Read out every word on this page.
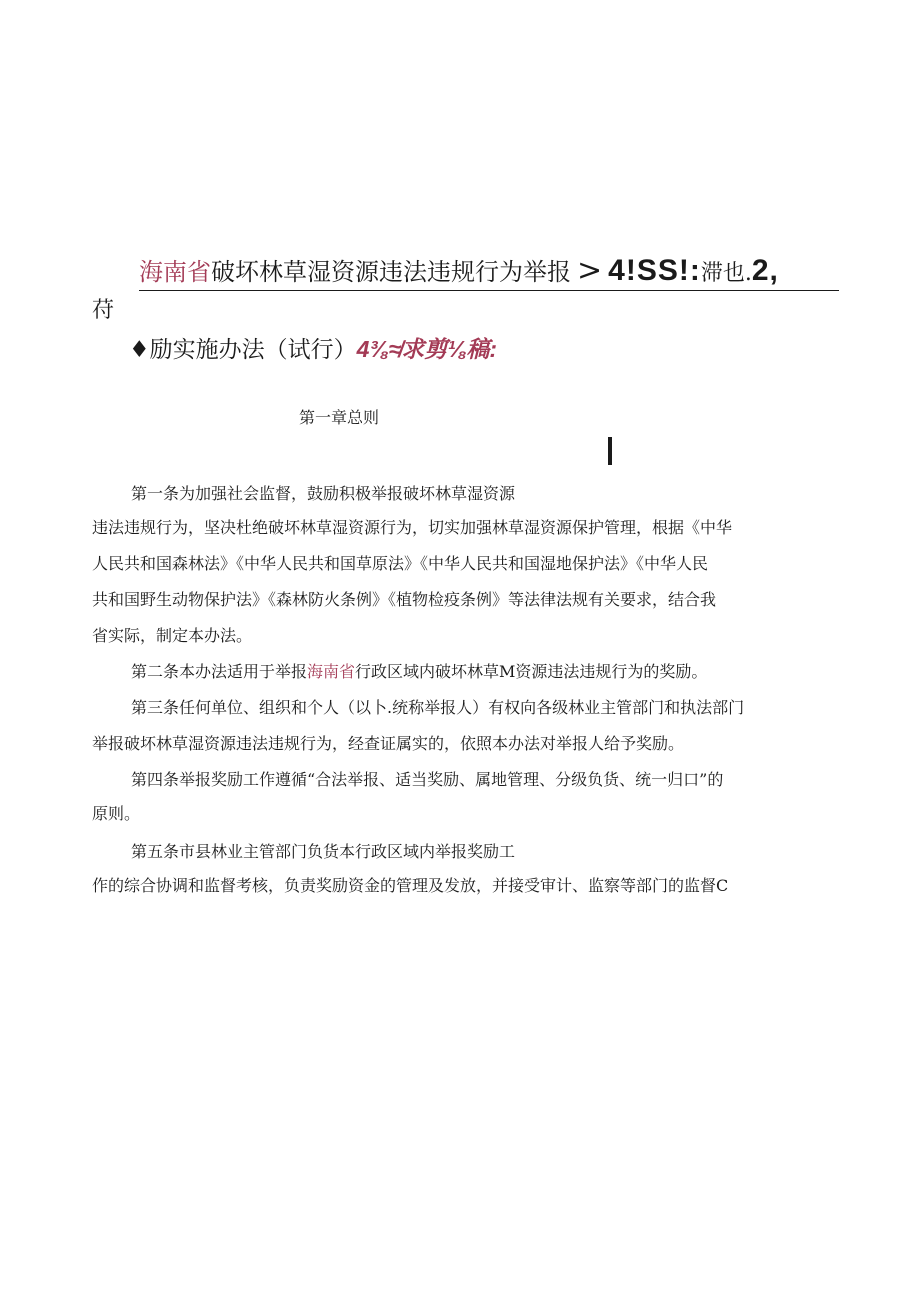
海南省破坏林草湿资源违法违规行为举报 > 4!SS!:滞也.2,
苻
♦励实施办法（试行）4⅜≉求剪⅛稿:
第一章总则
第一条为加强社会监督，鼓励积极举报破坏林草湿资源
违法违规行为，坚决杜绝破坏林草湿资源行为，切实加强林草湿资源保护管理，根据《中华
人民共和国森林法》《中华人民共和国草原法》《中华人民共和国湿地保护法》《中华人民
共和国野生动物保护法》《森林防火条例》《植物检疫条例》等法律法规有关要求，结合我
省实际，制定本办法。
第二条本办法适用于举报海南省行政区域内破坏林草M资源违法违规行为的奖励。
第三条任何单位、组织和个人（以卜.统称举报人）有权向各级林业主管部门和执法部门
举报破坏林草湿资源违法违规行为，经查证属实的，依照本办法对举报人给予奖励。
第四条举报奖励工作遵循“合法举报、适当奖励、属地管理、分级负货、统一归口”的
原则。
第五条市县林业主管部门负货本行政区域内举报奖励工
作的综合协调和监督考核，负责奖励资金的管理及发放，并接受审计、监察等部门的监督C
